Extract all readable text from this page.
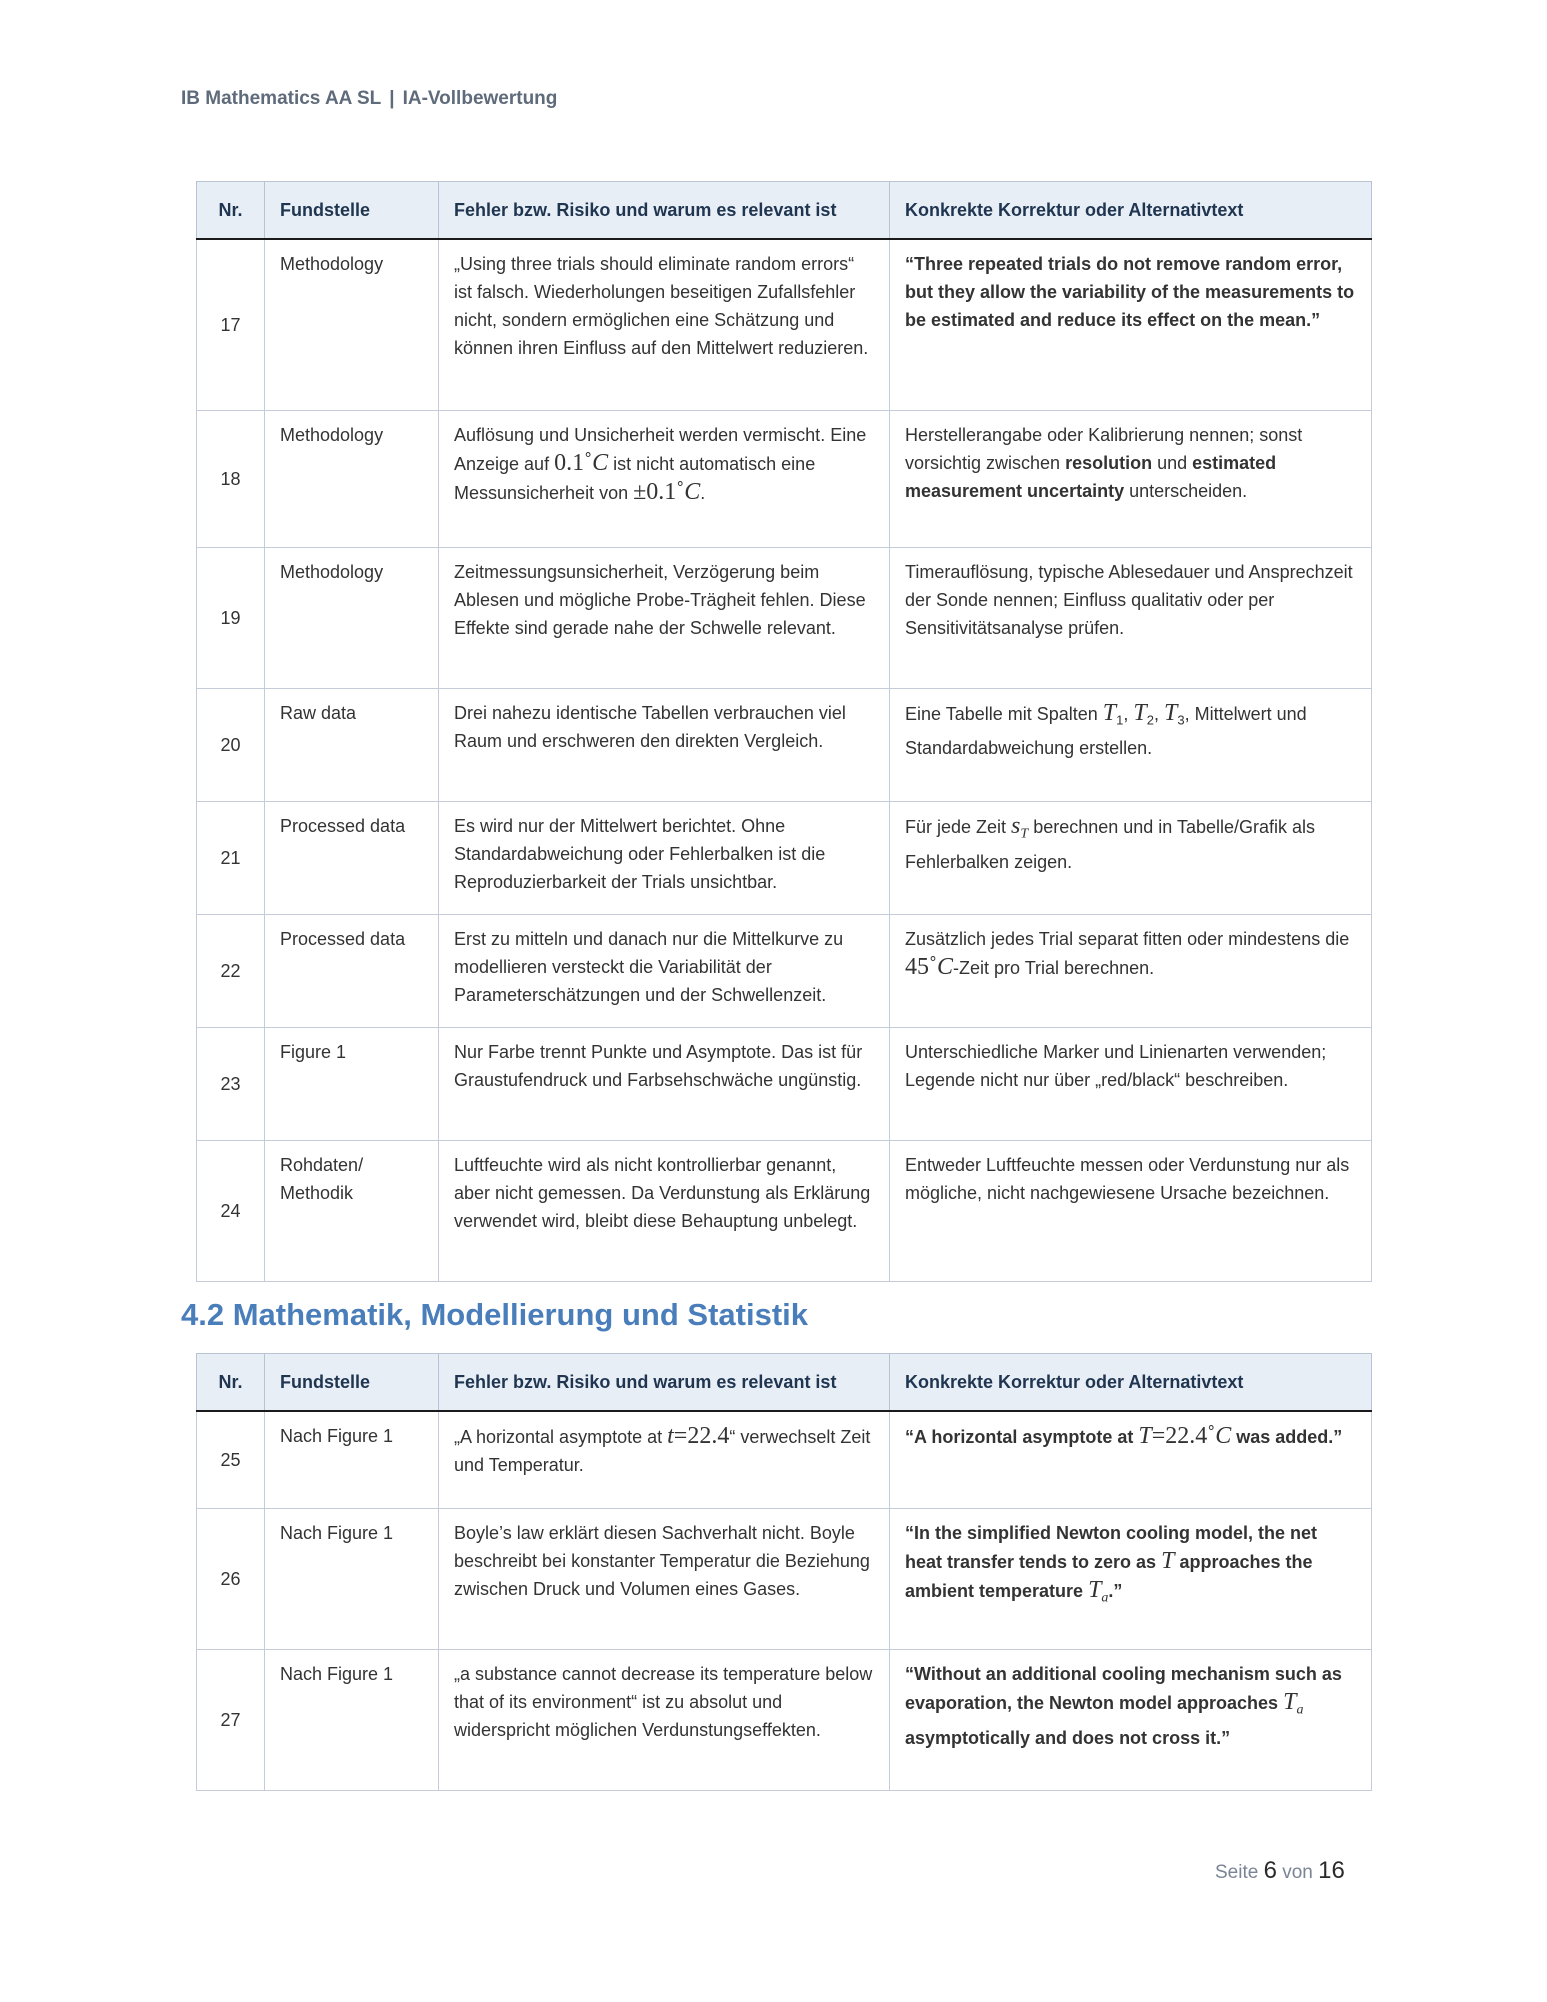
IB Mathematics AA SL | IA-Vollbewertung
Nr.	Fundstelle	Fehler bzw. Risiko und warum es relevant ist	Konkrekte Korrektur oder Alternativtext
17	Methodology	„Using three trials should eliminate random errors“ ist falsch. Wiederholungen beseitigen Zufallsfehler nicht, sondern ermöglichen eine Schätzung und können ihren Einfluss auf den Mittelwert reduzieren.	“Three repeated trials do not remove random error, but they allow the variability of the measurements to be estimated and reduce its effect on the mean.”
18	Methodology	Auflösung und Unsicherheit werden vermischt. Eine Anzeige auf 0.1˚C ist nicht automatisch eine Messunsicherheit von ±0.1˚C.	Herstellerangabe oder Kalibrierung nennen; sonst vorsichtig zwischen resolution und estimated measurement uncertainty unterscheiden.
19	Methodology	Zeitmessungsunsicherheit, Verzögerung beim Ablesen und mögliche Probe-Trägheit fehlen. Diese Effekte sind gerade nahe der Schwelle relevant.	Timerauflösung, typische Ablesedauer und Ansprechzeit der Sonde nennen; Einfluss qualitativ oder per Sensitivitätsanalyse prüfen.
20	Raw data	Drei nahezu identische Tabellen verbrauchen viel Raum und erschweren den direkten Vergleich.	Eine Tabelle mit Spalten $T_1$, $T_2$, $T_3$, Mittelwert und Standardabweichung erstellen.
21	Processed data	Es wird nur der Mittelwert berichtet. Ohne Standardabweichung oder Fehlerbalken ist die Reproduzierbarkeit der Trials unsichtbar.	Für jede Zeit $s_T$ berechnen und in Tabelle/Grafik als Fehlerbalken zeigen.
22	Processed data	Erst zu mitteln und danach nur die Mittelkurve zu modellieren versteckt die Variabilität der Parameterschätzungen und der Schwellenzeit.	Zusätzlich jedes Trial separat fitten oder mindestens die 45˚C-Zeit pro Trial berechnen.
23	Figure 1	Nur Farbe trennt Punkte und Asymptote. Das ist für Graustufendruck und Farbsehschwäche ungünstig.	Unterschiedliche Marker und Linienarten verwenden; Legende nicht nur über „red/black“ beschreiben.
24	Rohdaten/ Methodik	Luftfeuchte wird als nicht kontrollierbar genannt, aber nicht gemessen. Da Verdunstung als Erklärung verwendet wird, bleibt diese Behauptung unbelegt.	Entweder Luftfeuchte messen oder Verdunstung nur als mögliche, nicht nachgewiesene Ursache bezeichnen.
4.2 Mathematik, Modellierung und Statistik
Nr.	Fundstelle	Fehler bzw. Risiko und warum es relevant ist	Konkrekte Korrektur oder Alternativtext
25	Nach Figure 1	„A horizontal asymptote at t=22.4“ verwechselt Zeit und Temperatur.	“A horizontal asymptote at T=22.4˚C was added.”
26	Nach Figure 1	Boyle’s law erklärt diesen Sachverhalt nicht. Boyle beschreibt bei konstanter Temperatur die Beziehung zwischen Druck und Volumen eines Gases.	“In the simplified Newton cooling model, the net heat transfer tends to zero as T approaches the ambient temperature $T_a$.”
27	Nach Figure 1	„a substance cannot decrease its temperature below that of its environment“ ist zu absolut und widerspricht möglichen Verdunstungseffekten.	“Without an additional cooling mechanism such as evaporation, the Newton model approaches $T_a$ asymptotically and does not cross it.”
Seite 6 von 16
